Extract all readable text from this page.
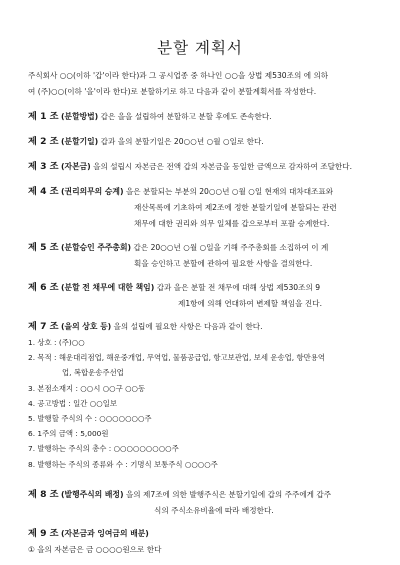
분할 계획서
주식회사 ○○(이하 '갑'이라 한다)과 그 공시업종 중 하나인 ○○을 상법 제530조의 에 의하
여 (주)○○(이하 '을'이라 한다)로 분할하기로 하고 다음과 같이 분할계획서를 작성한다.
제 1 조 (분할방법) 갑은 을을 설립하여 분할하고 분할 후에도 존속한다.
제 2 조 (분할기일) 갑과 을의 분할기일은 20○○년 ○월 ○일로 한다.
제 3 조 (자본금) 을의 설립시 자본금은 전액 갑의 자본금을 동일한 금액으로 감자하여 조달한다.
제 4 조 (권리의무의 승계) 을은 분할되는 부분의 20○○년 ○월 ○일 현재의 대차대조표와
재산목록에 기초하여 제2조에 정한 분할기일에 분할되는 관련
채무에 대한 권리와 의무 일체를 갑으로부터 포괄 승계한다.
제 5 조 (분할승인 주주총회) 갑은 20○○년 ○월 ○일을 기해 주주총회를 소집하여 이 계
획을 승인하고 분할에 관하여 필요한 사항을 결의한다.
제 6 조 (분할 전 채무에 대한 책임) 갑과 을은 분할 전 채무에 대해 상법 제530조의 9
제1항에 의해 연대하여 변제할 책임을 진다.
제 7 조 (을의 상호 등) 을의 설립에 필요한 사항은 다음과 같이 한다.
1. 상호 : (주)○○
2. 목적 : 해운대리점업, 해운중개업, 무역업, 물품공급업, 항고보관업, 보세 운송업, 항만용역
업, 복합운송주선업
3. 본점소재지 : ○○시 ○○구 ○○동
4. 공고방법 : 일간 ○○일보
5. 발행할 주식의 수 : ○○○○○○○주
6. 1주의 금액 : 5,000원
7. 발행하는 주식의 총수 : ○○○○○○○○○주
8. 발행하는 주식의 종류와 수 : 기명식 보통주식 ○○○○주
제 8 조 (발행주식의 배정) 을의 제7조에 의한 발행주식은 분할기일에 갑의 주주에게 갑주
식의 주식소유비율에 따라 배정한다.
제 9 조 (자본금과 잉여금의 배분)
① 을의 자본금은 금 ○○○○원으로 한다
